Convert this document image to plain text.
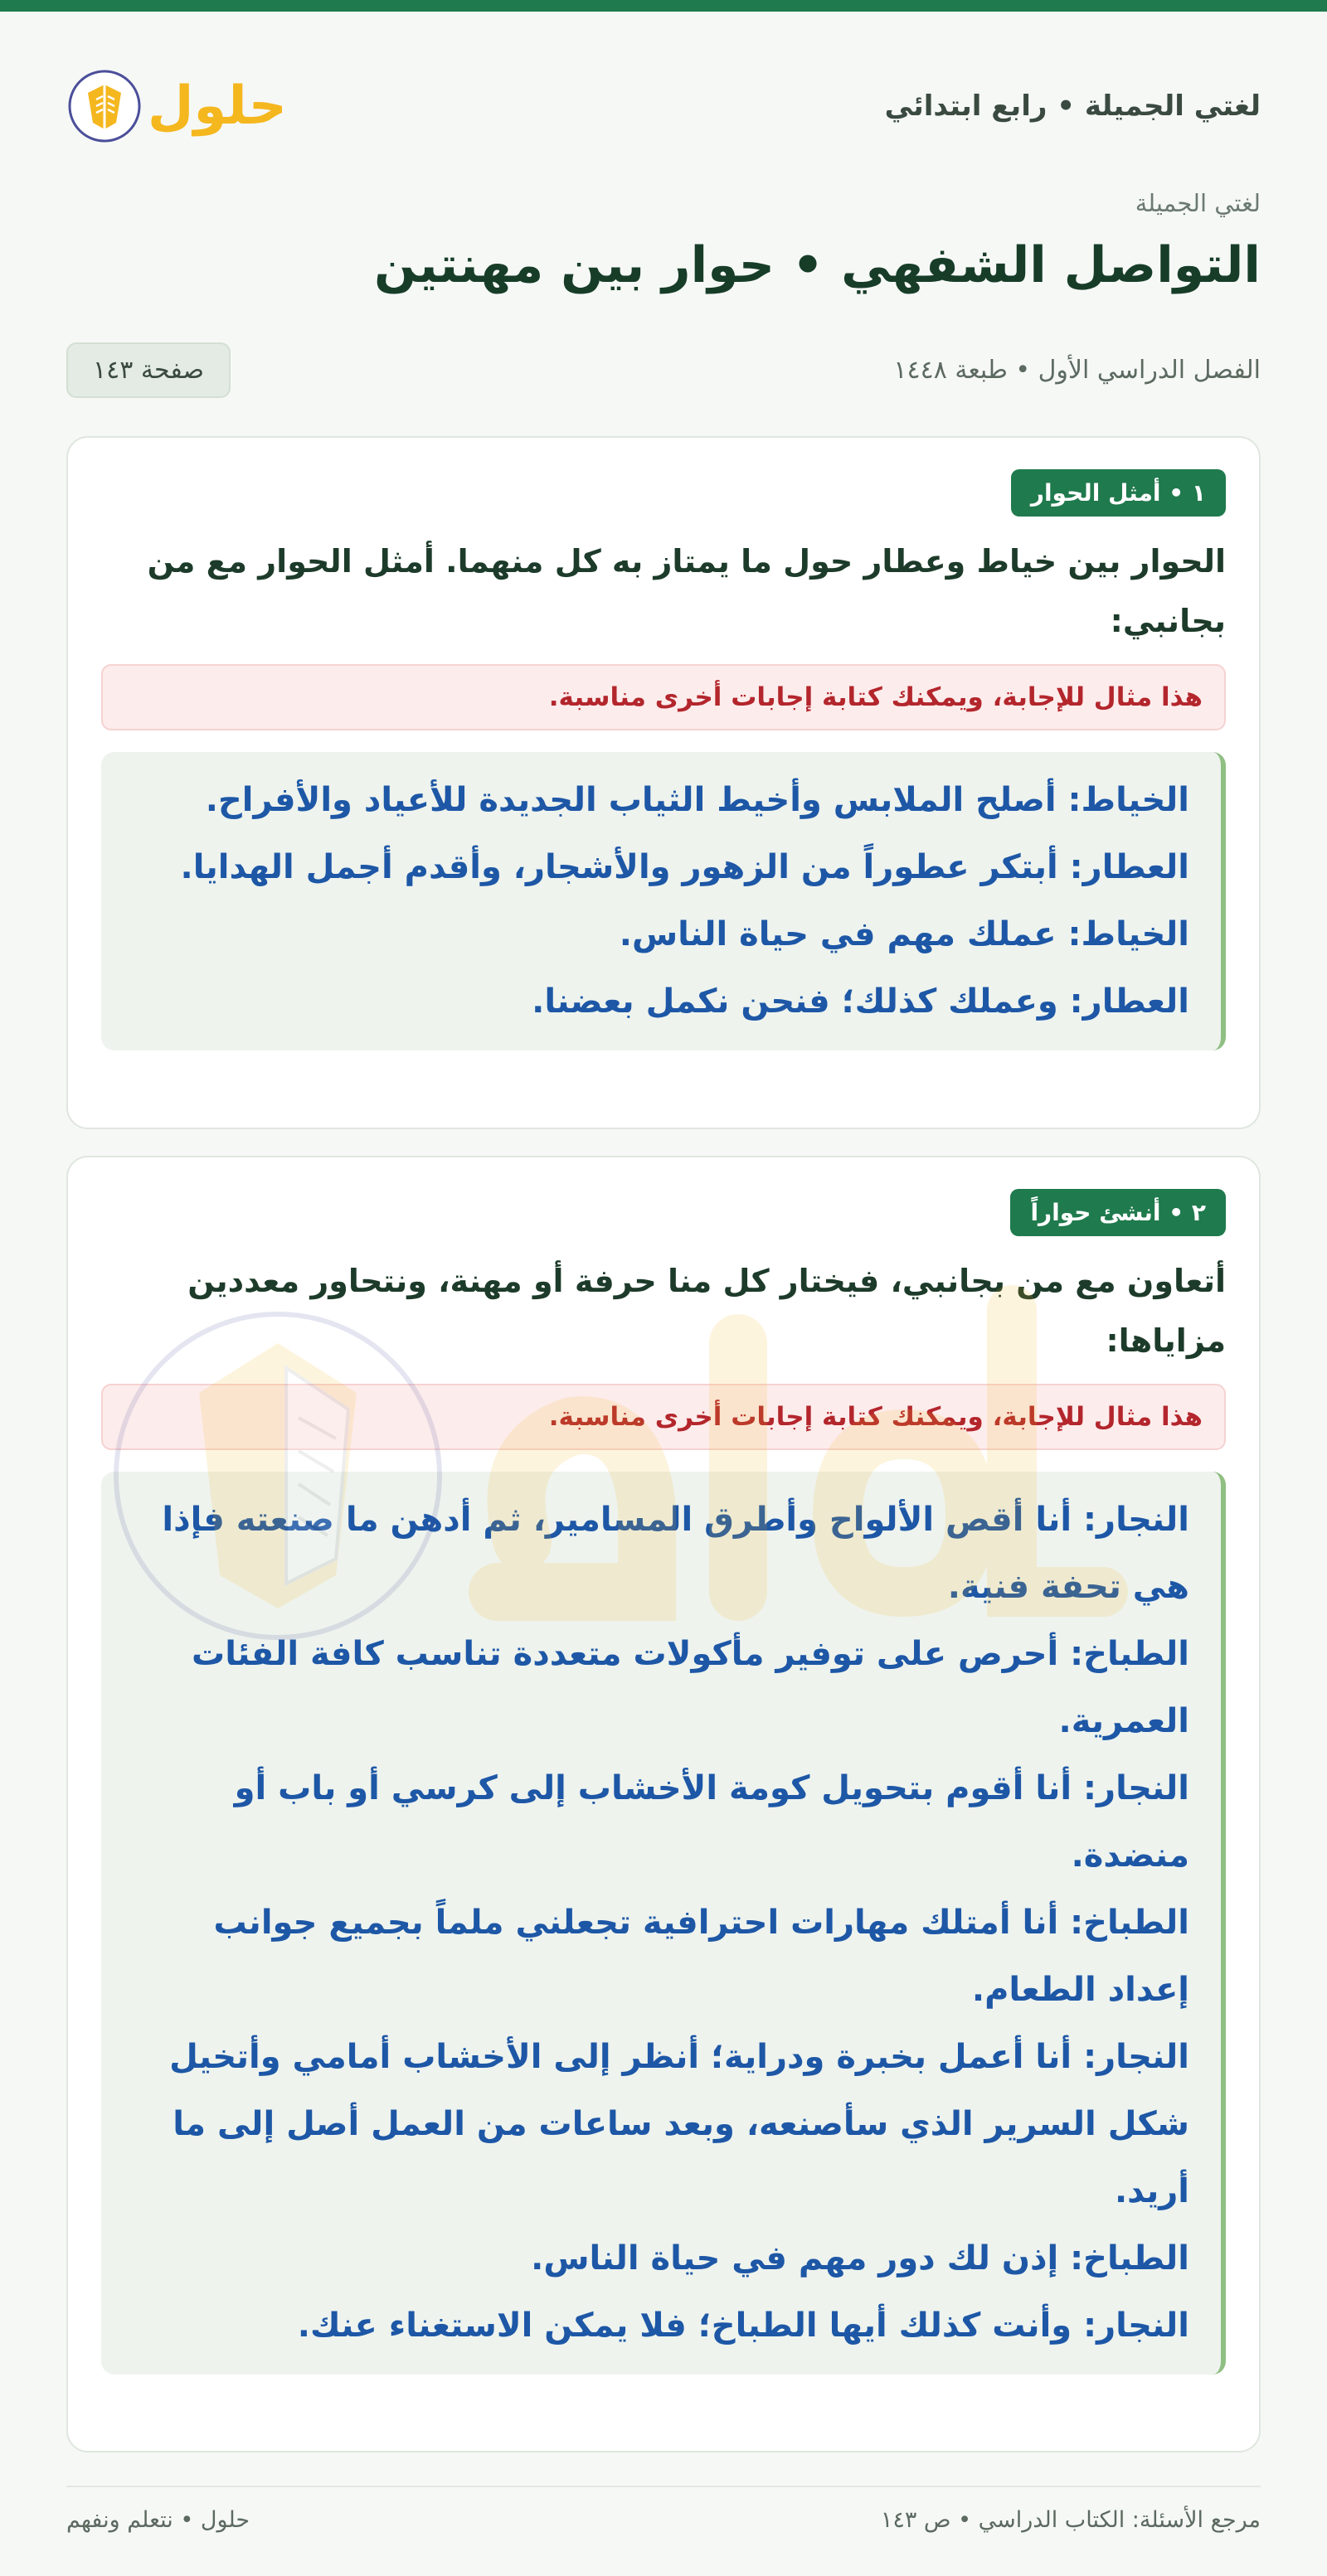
لغتي الجميلة • رابع ابتدائي
حلول
لغتي الجميلة
التواصل الشفهي • حوار بين مهنتين
الفصل الدراسي الأول • طبعة ١٤٤٨
صفحة ١٤٣
١ • أمثل الحوار
الحوار بين خياط وعطار حول ما يمتاز به كل منهما. أمثل الحوار مع من بجانبي:
هذا مثال للإجابة، ويمكنك كتابة إجابات أخرى مناسبة.
الخياط: أصلح الملابس وأخيط الثياب الجديدة للأعياد والأفراح.
العطار: أبتكر عطوراً من الزهور والأشجار، وأقدم أجمل الهدايا.
الخياط: عملك مهم في حياة الناس.
العطار: وعملك كذلك؛ فنحن نكمل بعضنا.
٢ • أنشئ حواراً
أتعاون مع من بجانبي، فيختار كل منا حرفة أو مهنة، ونتحاور معددين مزاياها:
هذا مثال للإجابة، ويمكنك كتابة إجابات أخرى مناسبة.
النجار: أنا أقص الألواح وأطرق المسامير، ثم أدهن ما صنعته فإذا هي تحفة فنية.
الطباخ: أحرص على توفير مأكولات متعددة تناسب كافة الفئات العمرية.
النجار: أنا أقوم بتحويل كومة الأخشاب إلى كرسي أو باب أو منضدة.
الطباخ: أنا أمتلك مهارات احترافية تجعلني ملماً بجميع جوانب إعداد الطعام.
النجار: أنا أعمل بخبرة ودراية؛ أنظر إلى الأخشاب أمامي وأتخيل شكل السرير الذي سأصنعه، وبعد ساعات من العمل أصل إلى ما أريد.
الطباخ: إذن لك دور مهم في حياة الناس.
النجار: وأنت كذلك أيها الطباخ؛ فلا يمكن الاستغناء عنك.
مرجع الأسئلة: الكتاب الدراسي • ص ١٤٣
حلول • نتعلم ونفهم
